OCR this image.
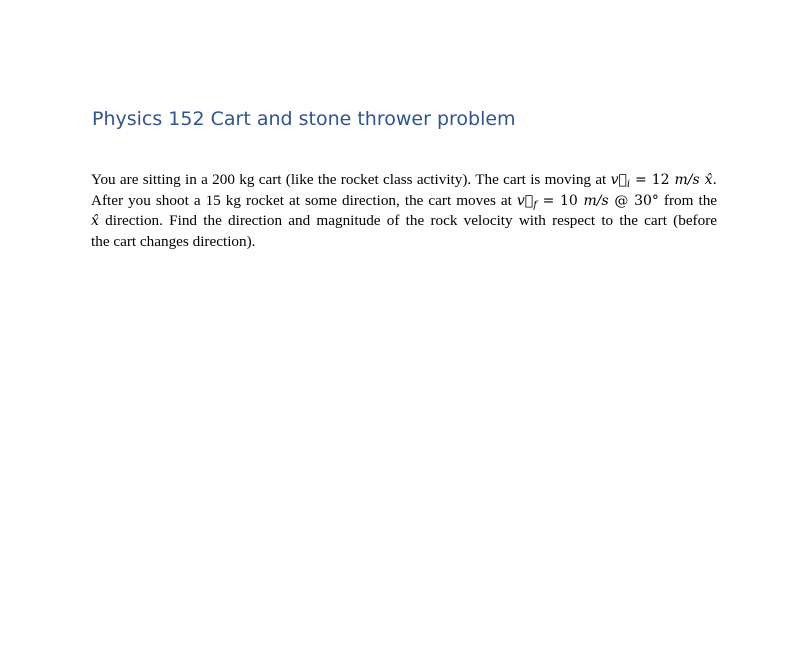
Physics 152 Cart and stone thrower problem
You are sitting in a 200 kg cart (like the rocket class activity). The cart is moving at $v⃗_i = 12$ m/s x̂.
After you shoot a 15 kg rocket at some direction, the cart moves at $v⃗_f = 10$ m/s @ 30° from the
x̂ direction. Find the direction and magnitude of the rock velocity with respect to the cart (before
the cart changes direction).
